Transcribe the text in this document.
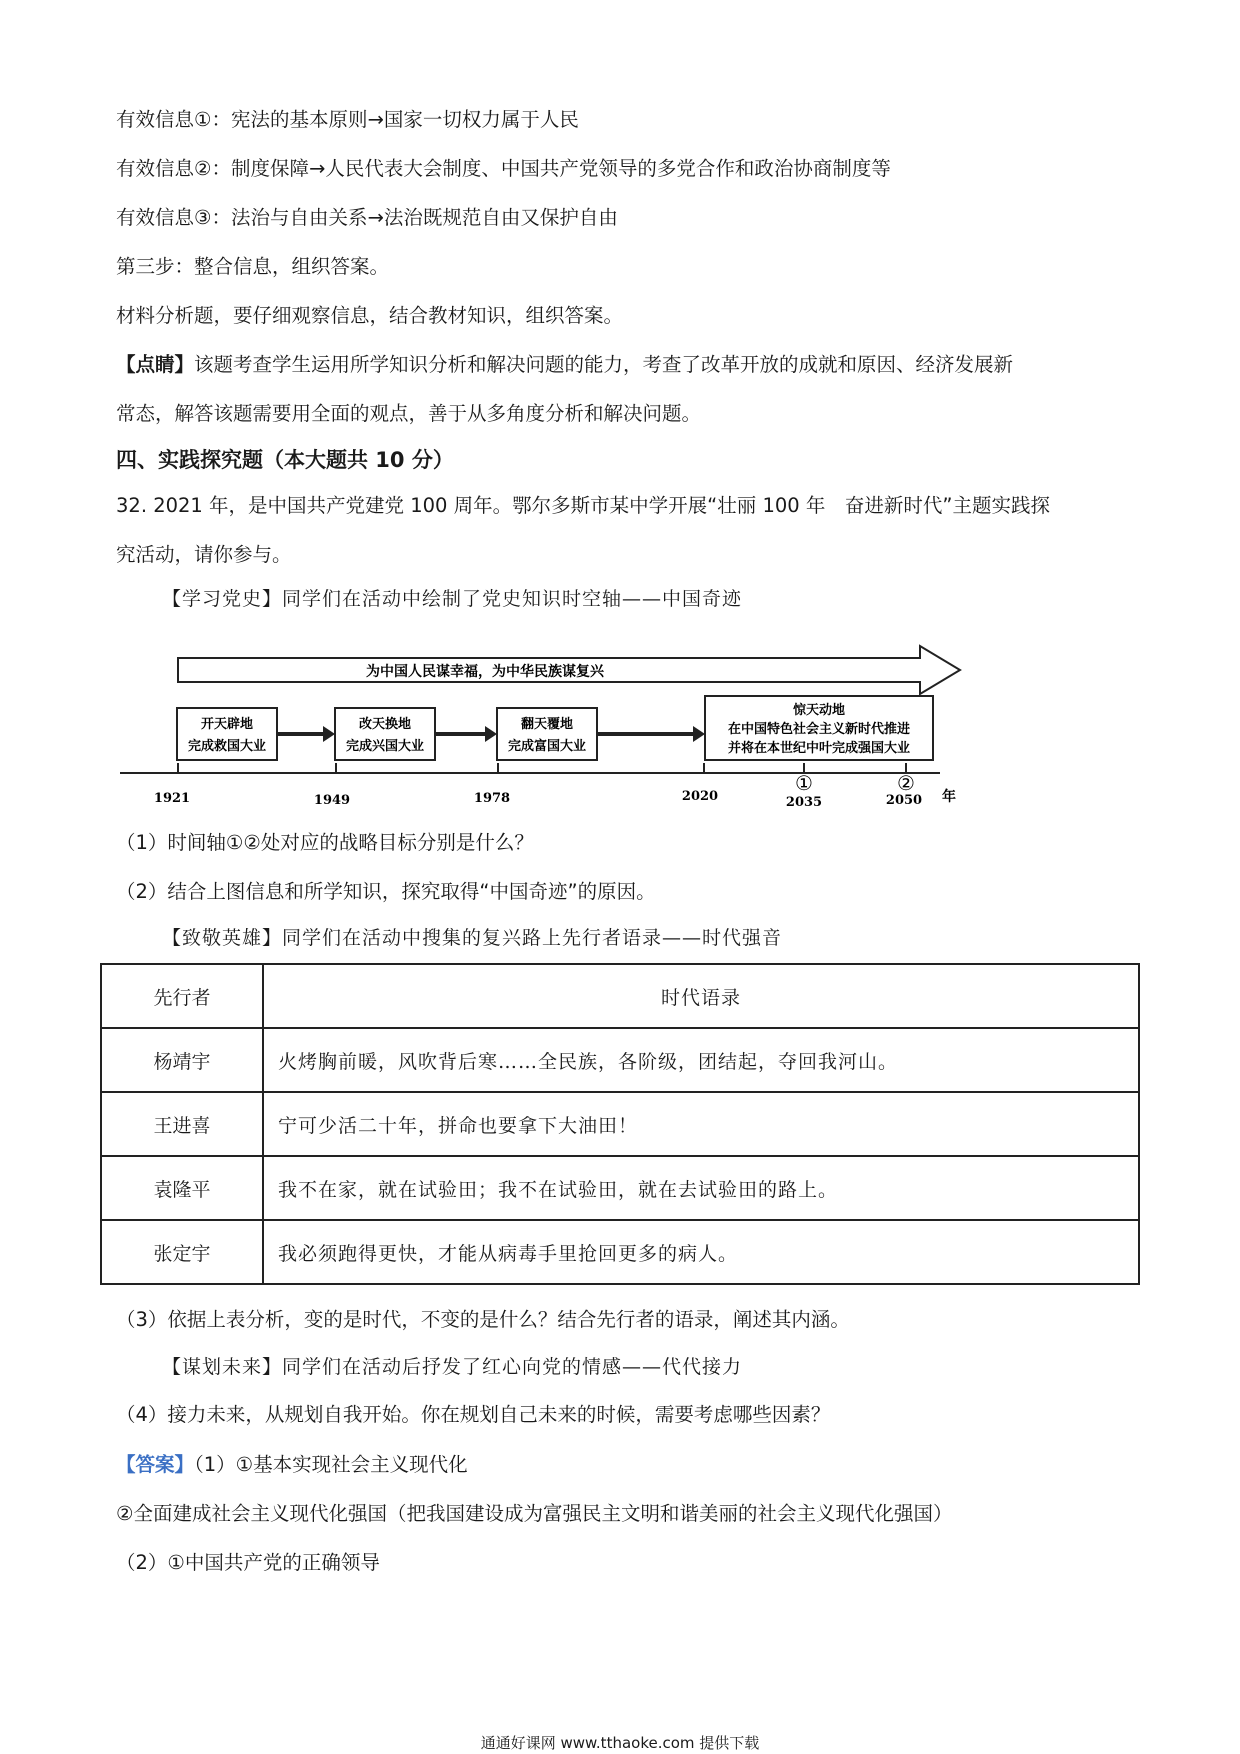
有效信息①：宪法的基本原则→国家一切权力属于人民
有效信息②：制度保障→人民代表大会制度、中国共产党领导的多党合作和政治协商制度等
有效信息③：法治与自由关系→法治既规范自由又保护自由
第三步：整合信息，组织答案。
材料分析题，要仔细观察信息，结合教材知识，组织答案。
【点睛】该题考查学生运用所学知识分析和解决问题的能力，考查了改革开放的成就和原因、经济发展新
常态，解答该题需要用全面的观点，善于从多角度分析和解决问题。
四、实践探究题（本大题共 10 分）
32. 2021 年，是中国共产党建党 100 周年。鄂尔多斯市某中学开展“壮丽 100 年　奋进新时代”主题实践探
究活动，请你参与。
【学习党史】同学们在活动中绘制了党史知识时空轴——中国奇迹
为中国人民谋幸福，为中华民族谋复兴
开天辟地
完成救国大业
改天换地
完成兴国大业
翻天覆地
完成富国大业
惊天动地
在中国特色社会主义新时代推进
并将在本世纪中叶完成强国大业
①	②
1921	1949	1978	2020	2035	2050 年
（1）时间轴①②处对应的战略目标分别是什么？
（2）结合上图信息和所学知识，探究取得“中国奇迹”的原因。
【致敬英雄】同学们在活动中搜集的复兴路上先行者语录——时代强音
先行者	时代语录
杨靖宇	火烤胸前暖，风吹背后寒……全民族，各阶级，团结起，夺回我河山。
王进喜	宁可少活二十年，拼命也要拿下大油田！
袁隆平	我不在家，就在试验田；我不在试验田，就在去试验田的路上。
张定宇	我必须跑得更快，才能从病毒手里抢回更多的病人。
（3）依据上表分析，变的是时代，不变的是什么？结合先行者的语录，阐述其内涵。
【谋划未来】同学们在活动后抒发了红心向党的情感——代代接力
（4）接力未来，从规划自我开始。你在规划自己未来的时候，需要考虑哪些因素？
【答案】（1）①基本实现社会主义现代化
②全面建成社会主义现代化强国（把我国建设成为富强民主文明和谐美丽的社会主义现代化强国）
（2）①中国共产党的正确领导
通通好课网 www.tthaoke.com 提供下载
